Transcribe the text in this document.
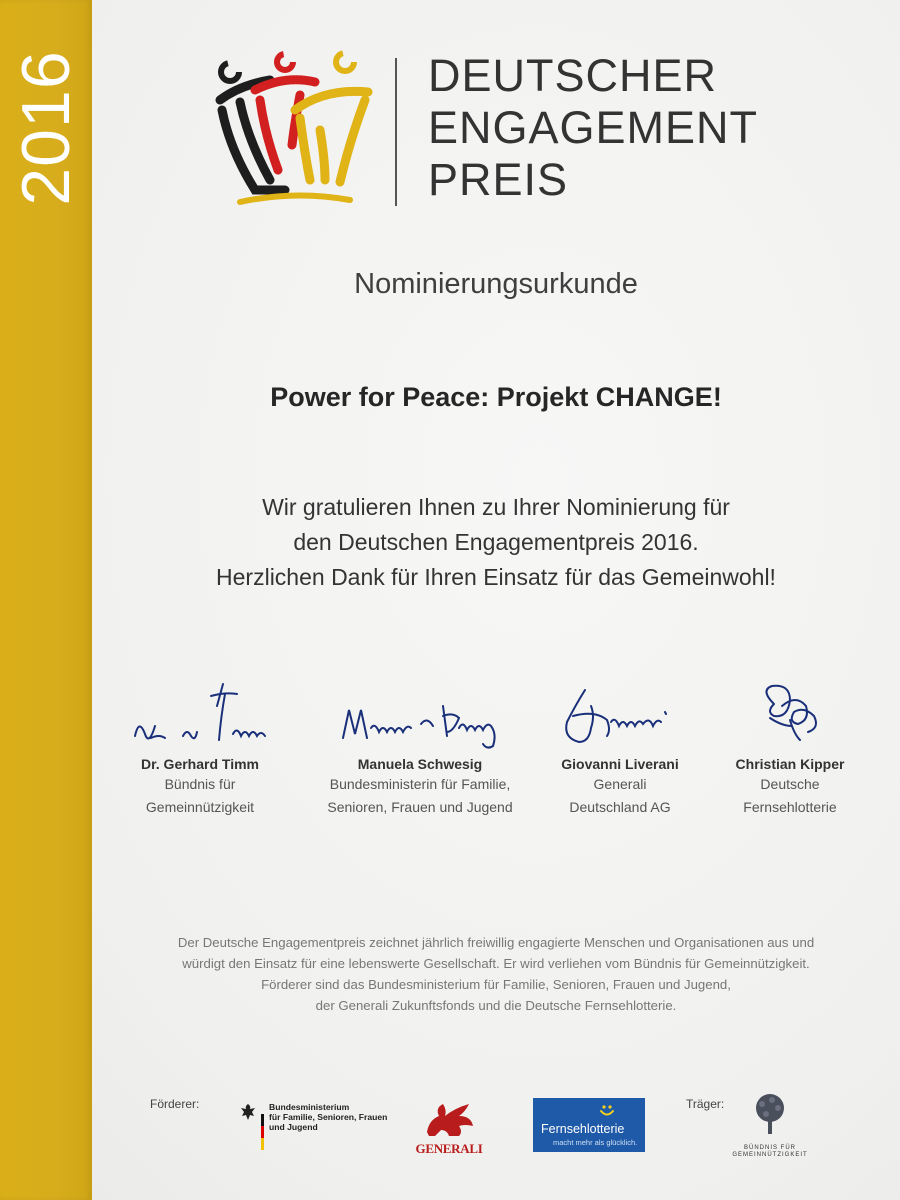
2016	DEUTSCHER
ENGAGEMENT
PREIS
Nominierungsurkunde
Power for Peace: Projekt CHANGE!
Wir gratulieren Ihnen zu Ihrer Nominierung für
den Deutschen Engagementpreis 2016.
Herzlichen Dank für Ihren Einsatz für das Gemeinwohl!
Dr. Gerhard Timm
Bündnis für
Gemeinnützigkeit
Manuela Schwesig
Bundesministerin für Familie,
Senioren, Frauen und Jugend
Giovanni Liverani
Generali
Deutschland AG
Christian Kipper
Deutsche
Fernsehlotterie
Der Deutsche Engagementpreis zeichnet jährlich freiwillig engagierte Menschen und Organisationen aus und
würdigt den Einsatz für eine lebenswerte Gesellschaft. Er wird verliehen vom Bündnis für Gemeinnützigkeit.
Förderer sind das Bundesministerium für Familie, Senioren, Frauen und Jugend,
der Generali Zukunftsfonds und die Deutsche Fernsehlotterie.
Förderer:	Bundesministerium
für Familie, Senioren, Frauen
und Jugend
GENERALI
Fernsehlotterie
macht mehr als glücklich.
Träger:
BÜNDNIS FÜR
GEMEINNÜTZIGKEIT
